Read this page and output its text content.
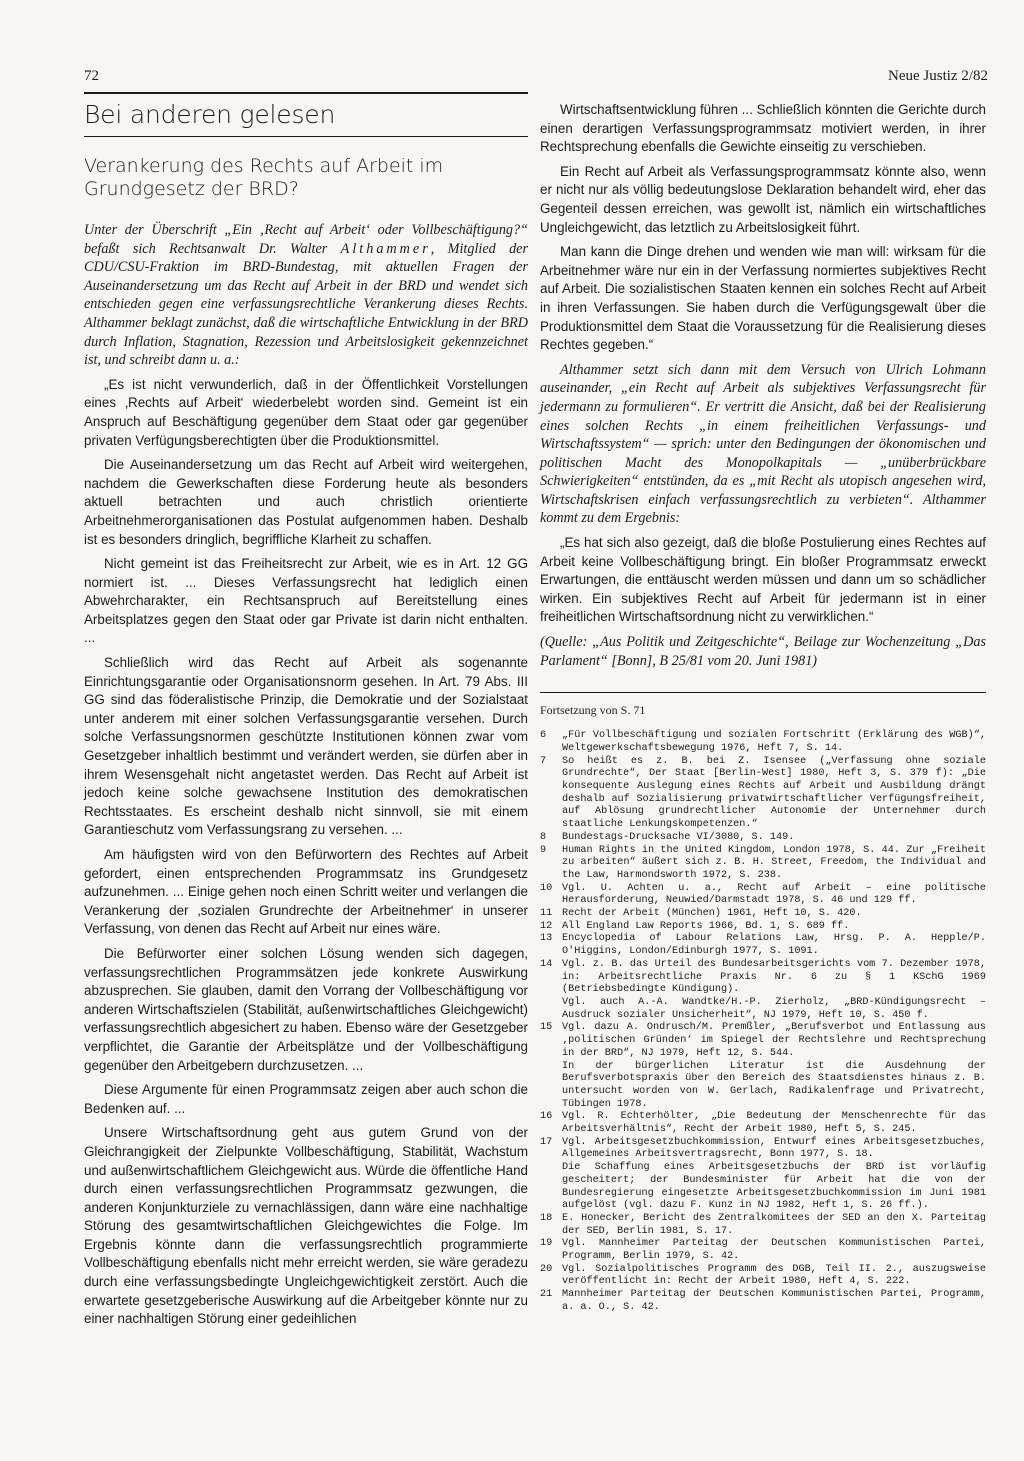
72	Neue Justiz 2/82
Bei anderen gelesen
Verankerung des Rechts auf Arbeit im Grundgesetz der BRD?

Unter der Überschrift „Ein ‚Recht auf Arbeit‘ oder Vollbeschäftigung?“ befaßt sich Rechtsanwalt Dr. Walter Althammer, Mitglied der CDU/CSU-Fraktion im BRD-Bundestag, mit aktuellen Fragen der Auseinandersetzung um das Recht auf Arbeit in der BRD und wendet sich entschieden gegen eine verfassungsrechtliche Verankerung dieses Rechts. Althammer beklagt zunächst, daß die wirtschaftliche Entwicklung in der BRD durch Inflation, Stagnation, Rezession und Arbeitslosigkeit gekennzeichnet ist, und schreibt dann u. a.:

„Es ist nicht verwunderlich, daß in der Öffentlichkeit Vorstellungen eines ‚Rechts auf Arbeit‘ wiederbelebt worden sind. Gemeint ist ein Anspruch auf Beschäftigung gegenüber dem Staat oder gar gegenüber privaten Verfügungsberechtigten über die Produktionsmittel.

Die Auseinandersetzung um das Recht auf Arbeit wird weitergehen, nachdem die Gewerkschaften diese Forderung heute als besonders aktuell betrachten und auch christlich orientierte Arbeitnehmerorganisationen das Postulat aufgenommen haben. Deshalb ist es besonders dringlich, begriffliche Klarheit zu schaffen.

Nicht gemeint ist das Freiheitsrecht zur Arbeit, wie es in Art. 12 GG normiert ist. ... Dieses Verfassungsrecht hat lediglich einen Abwehrcharakter, ein Rechtsanspruch auf Bereitstellung eines Arbeitsplatzes gegen den Staat oder gar Private ist darin nicht enthalten. ...

Schließlich wird das Recht auf Arbeit als sogenannte Einrichtungsgarantie oder Organisationsnorm gesehen. In Art. 79 Abs. III GG sind das föderalistische Prinzip, die Demokratie und der Sozialstaat unter anderem mit einer solchen Verfassungsgarantie versehen. Durch solche Verfassungsnormen geschützte Institutionen können zwar vom Gesetzgeber inhaltlich bestimmt und verändert werden, sie dürfen aber in ihrem Wesensgehalt nicht angetastet werden. Das Recht auf Arbeit ist jedoch keine solche gewachsene Institution des demokratischen Rechtsstaates. Es erscheint deshalb nicht sinnvoll, sie mit einem Garantieschutz vom Verfassungsrang zu versehen. ...

Am häufigsten wird von den Befürwortern des Rechtes auf Arbeit gefordert, einen entsprechenden Programmsatz ins Grundgesetz aufzunehmen. ... Einige gehen noch einen Schritt weiter und verlangen die Verankerung der ‚sozialen Grundrechte der Arbeitnehmer‘ in unserer Verfassung, von denen das Recht auf Arbeit nur eines wäre.

Die Befürworter einer solchen Lösung wenden sich dagegen, verfassungsrechtlichen Programmsätzen jede konkrete Auswirkung abzusprechen. Sie glauben, damit den Vorrang der Vollbeschäftigung vor anderen Wirtschaftszielen (Stabilität, außenwirtschaftliches Gleichgewicht) verfassungsrechtlich abgesichert zu haben. Ebenso wäre der Gesetzgeber verpflichtet, die Garantie der Arbeitsplätze und der Vollbeschäftigung gegenüber den Arbeitgebern durchzusetzen. ...

Diese Argumente für einen Programmsatz zeigen aber auch schon die Bedenken auf. ...

Unsere Wirtschaftsordnung geht aus gutem Grund von der Gleichrangigkeit der Zielpunkte Vollbeschäftigung, Stabilität, Wachstum und außenwirtschaftlichem Gleichgewicht aus. Würde die öffentliche Hand durch einen verfassungsrechtlichen Programmsatz gezwungen, die anderen Konjunkturziele zu vernachlässigen, dann wäre eine nachhaltige Störung des gesamtwirtschaftlichen Gleichgewichtes die Folge. Im Ergebnis könnte dann die verfassungsrechtlich programmierte Vollbeschäftigung ebenfalls nicht mehr erreicht werden, sie wäre geradezu durch eine verfassungsbedingte Ungleichgewichtigkeit zerstört. Auch die erwartete gesetzgeberische Auswirkung auf die Arbeitgeber könnte nur zu einer nachhaltigen Störung einer gedeihlichen

Wirtschaftsentwicklung führen ... Schließlich könnten die Gerichte durch einen derartigen Verfassungsprogrammsatz motiviert werden, in ihrer Rechtsprechung ebenfalls die Gewichte einseitig zu verschieben.

Ein Recht auf Arbeit als Verfassungsprogrammsatz könnte also, wenn er nicht nur als völlig bedeutungslose Deklaration behandelt wird, eher das Gegenteil dessen erreichen, was gewollt ist, nämlich ein wirtschaftliches Ungleichgewicht, das letztlich zu Arbeitslosigkeit führt.

Man kann die Dinge drehen und wenden wie man will: wirksam für die Arbeitnehmer wäre nur ein in der Verfassung normiertes subjektives Recht auf Arbeit. Die sozialistischen Staaten kennen ein solches Recht auf Arbeit in ihren Verfassungen. Sie haben durch die Verfügungsgewalt über die Produktionsmittel dem Staat die Voraussetzung für die Realisierung dieses Rechtes gegeben.“

Althammer setzt sich dann mit dem Versuch von Ulrich Lohmann auseinander, „ein Recht auf Arbeit als subjektives Verfassungsrecht für jedermann zu formulieren“. Er vertritt die Ansicht, daß bei der Realisierung eines solchen Rechts „in einem freiheitlichen Verfassungs- und Wirtschaftssystem“ — sprich: unter den Bedingungen der ökonomischen und politischen Macht des Monopolkapitals — „unüberbrückbare Schwierigkeiten“ entstünden, da es „mit Recht als utopisch angesehen wird, Wirtschaftskrisen einfach verfassungsrechtlich zu verbieten“. Althammer kommt zu dem Ergebnis:

„Es hat sich also gezeigt, daß die bloße Postulierung eines Rechtes auf Arbeit keine Vollbeschäftigung bringt. Ein bloßer Programmsatz erweckt Erwartungen, die enttäuscht werden müssen und dann um so schädlicher wirken. Ein subjektives Recht auf Arbeit für jedermann ist in einer freiheitlichen Wirtschaftsordnung nicht zu verwirklichen.“

(Quelle: „Aus Politik und Zeitgeschichte“, Beilage zur Wochenzeitung „Das Parlament“ [Bonn], B 25/81 vom 20. Juni 1981)

Fortsetzung von S. 71
6	„Für Vollbeschäftigung und sozialen Fortschritt (Erklärung des WGB)“, Weltgewerkschaftsbewegung 1976, Heft 7, S. 14.
7	So heißt es z. B. bei Z. Isensee („Verfassung ohne soziale Grundrechte“, Der Staat [Berlin-West] 1980, Heft 3, S. 379 f): „Die konsequente Auslegung eines Rechts auf Arbeit und Ausbildung drängt deshalb auf Sozialisierung privatwirtschaftlicher Verfügungsfreiheit, auf Ablösung grundrechtlicher Autonomie der Unternehmer durch staatliche Lenkungskompetenzen.“
8	Bundestags-Drucksache VI/3080, S. 149.
9	Human Rights in the United Kingdom, London 1978, S. 44. Zur „Freiheit zu arbeiten“ äußert sich z. B. H. Street, Freedom, the Individual and the Law, Harmondsworth 1972, S. 238.
10 Vgl. U. Achten u. a., Recht auf Arbeit – eine politische Herausforderung, Neuwied/Darmstadt 1978, S. 46 und 129 ff.
11 Recht der Arbeit (München) 1961, Heft 10, S. 420.
12 All England Law Reports 1966, Bd. 1, S. 689 ff.
13 Encyclopedia of Labour Relations Law, Hrsg. P. A. Hepple/P. O'Higgins, London/Edinburgh 1977, S. 1091.
14 Vgl. z. B. das Urteil des Bundesarbeitsgerichts vom 7. Dezember 1978, in: Arbeitsrechtliche Praxis Nr. 6 zu § 1 KSchG 1969 (Betriebsbedingte Kündigung).
Vgl. auch A.-A. Wandtke/H.-P. Zierholz, „BRD-Kündigungsrecht – Ausdruck sozialer Unsicherheit“, NJ 1979, Heft 10, S. 450 f.
15 Vgl. dazu A. Ondrusch/M. Premßler, „Berufsverbot und Entlassung aus ‚politischen Gründen‘ im Spiegel der Rechtslehre und Rechtsprechung in der BRD“, NJ 1979, Heft 12, S. 544.
In der bürgerlichen Literatur ist die Ausdehnung der Berufsverbotspraxis über den Bereich des Staatsdienstes hinaus z. B. untersucht worden von W. Gerlach, Radikalenfrage und Privatrecht, Tübingen 1978.
16 Vgl. R. Echterhölter, „Die Bedeutung der Menschenrechte für das Arbeitsverhältnis“, Recht der Arbeit 1980, Heft 5, S. 245.
17 Vgl. Arbeitsgesetzbuchkommission, Entwurf eines Arbeitsgesetzbuches, Allgemeines Arbeitsvertragsrecht, Bonn 1977, S. 18.
Die Schaffung eines Arbeitsgesetzbuchs der BRD ist vorläufig gescheitert; der Bundesminister für Arbeit hat die von der Bundesregierung eingesetzte Arbeitsgesetzbuchkommission im Juni 1981 aufgelöst (vgl. dazu F. Kunz in NJ 1982, Heft 1, S. 26 ff.).
18 E. Honecker, Bericht des Zentralkomitees der SED an den X. Parteitag der SED, Berlin 1981, S. 17.
19 Vgl. Mannheimer Parteitag der Deutschen Kommunistischen Partei, Programm, Berlin 1979, S. 42.
20 Vgl. Sozialpolitisches Programm des DGB, Teil II. 2., auszugsweise veröffentlicht in: Recht der Arbeit 1980, Heft 4, S. 222.
21 Mannheimer Parteitag der Deutschen Kommunistischen Partei, Programm, a. a. O., S. 42.
